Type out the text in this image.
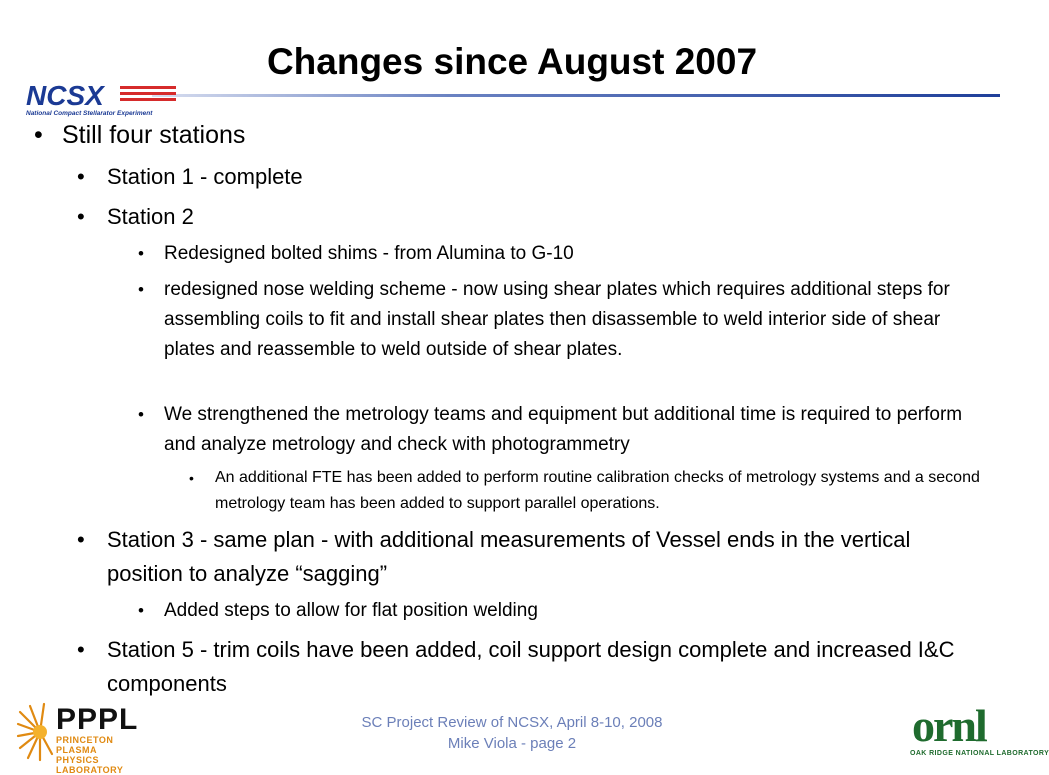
Changes since August 2007
NCSX
National Compact Stellarator Experiment
• Still four stations
• Station 1 - complete
• Station 2
• Redesigned bolted shims - from Alumina to G-10
• redesigned nose welding scheme - now using shear plates which requires additional steps for assembling coils to fit and install shear plates then disassemble to weld interior side of shear plates and reassemble to weld outside of shear plates.
• We strengthened the metrology teams and equipment but additional time is required to perform and analyze metrology and check with photogrammetry
• An additional FTE has been added to perform routine calibration checks of metrology systems and a second metrology team has been added to support parallel operations.
• Station 3 - same plan - with additional measurements of Vessel ends in the vertical position to analyze “sagging”
• Added steps to allow for flat position welding
• Station 5 - trim coils have been added, coil support design complete and increased I&C components
PPPL
PRINCETON PLASMA
PHYSICS LABORATORY
SC Project Review of NCSX, April 8-10, 2008
Mike Viola - page 2	ornl
OAK RIDGE NATIONAL LABORATORY
